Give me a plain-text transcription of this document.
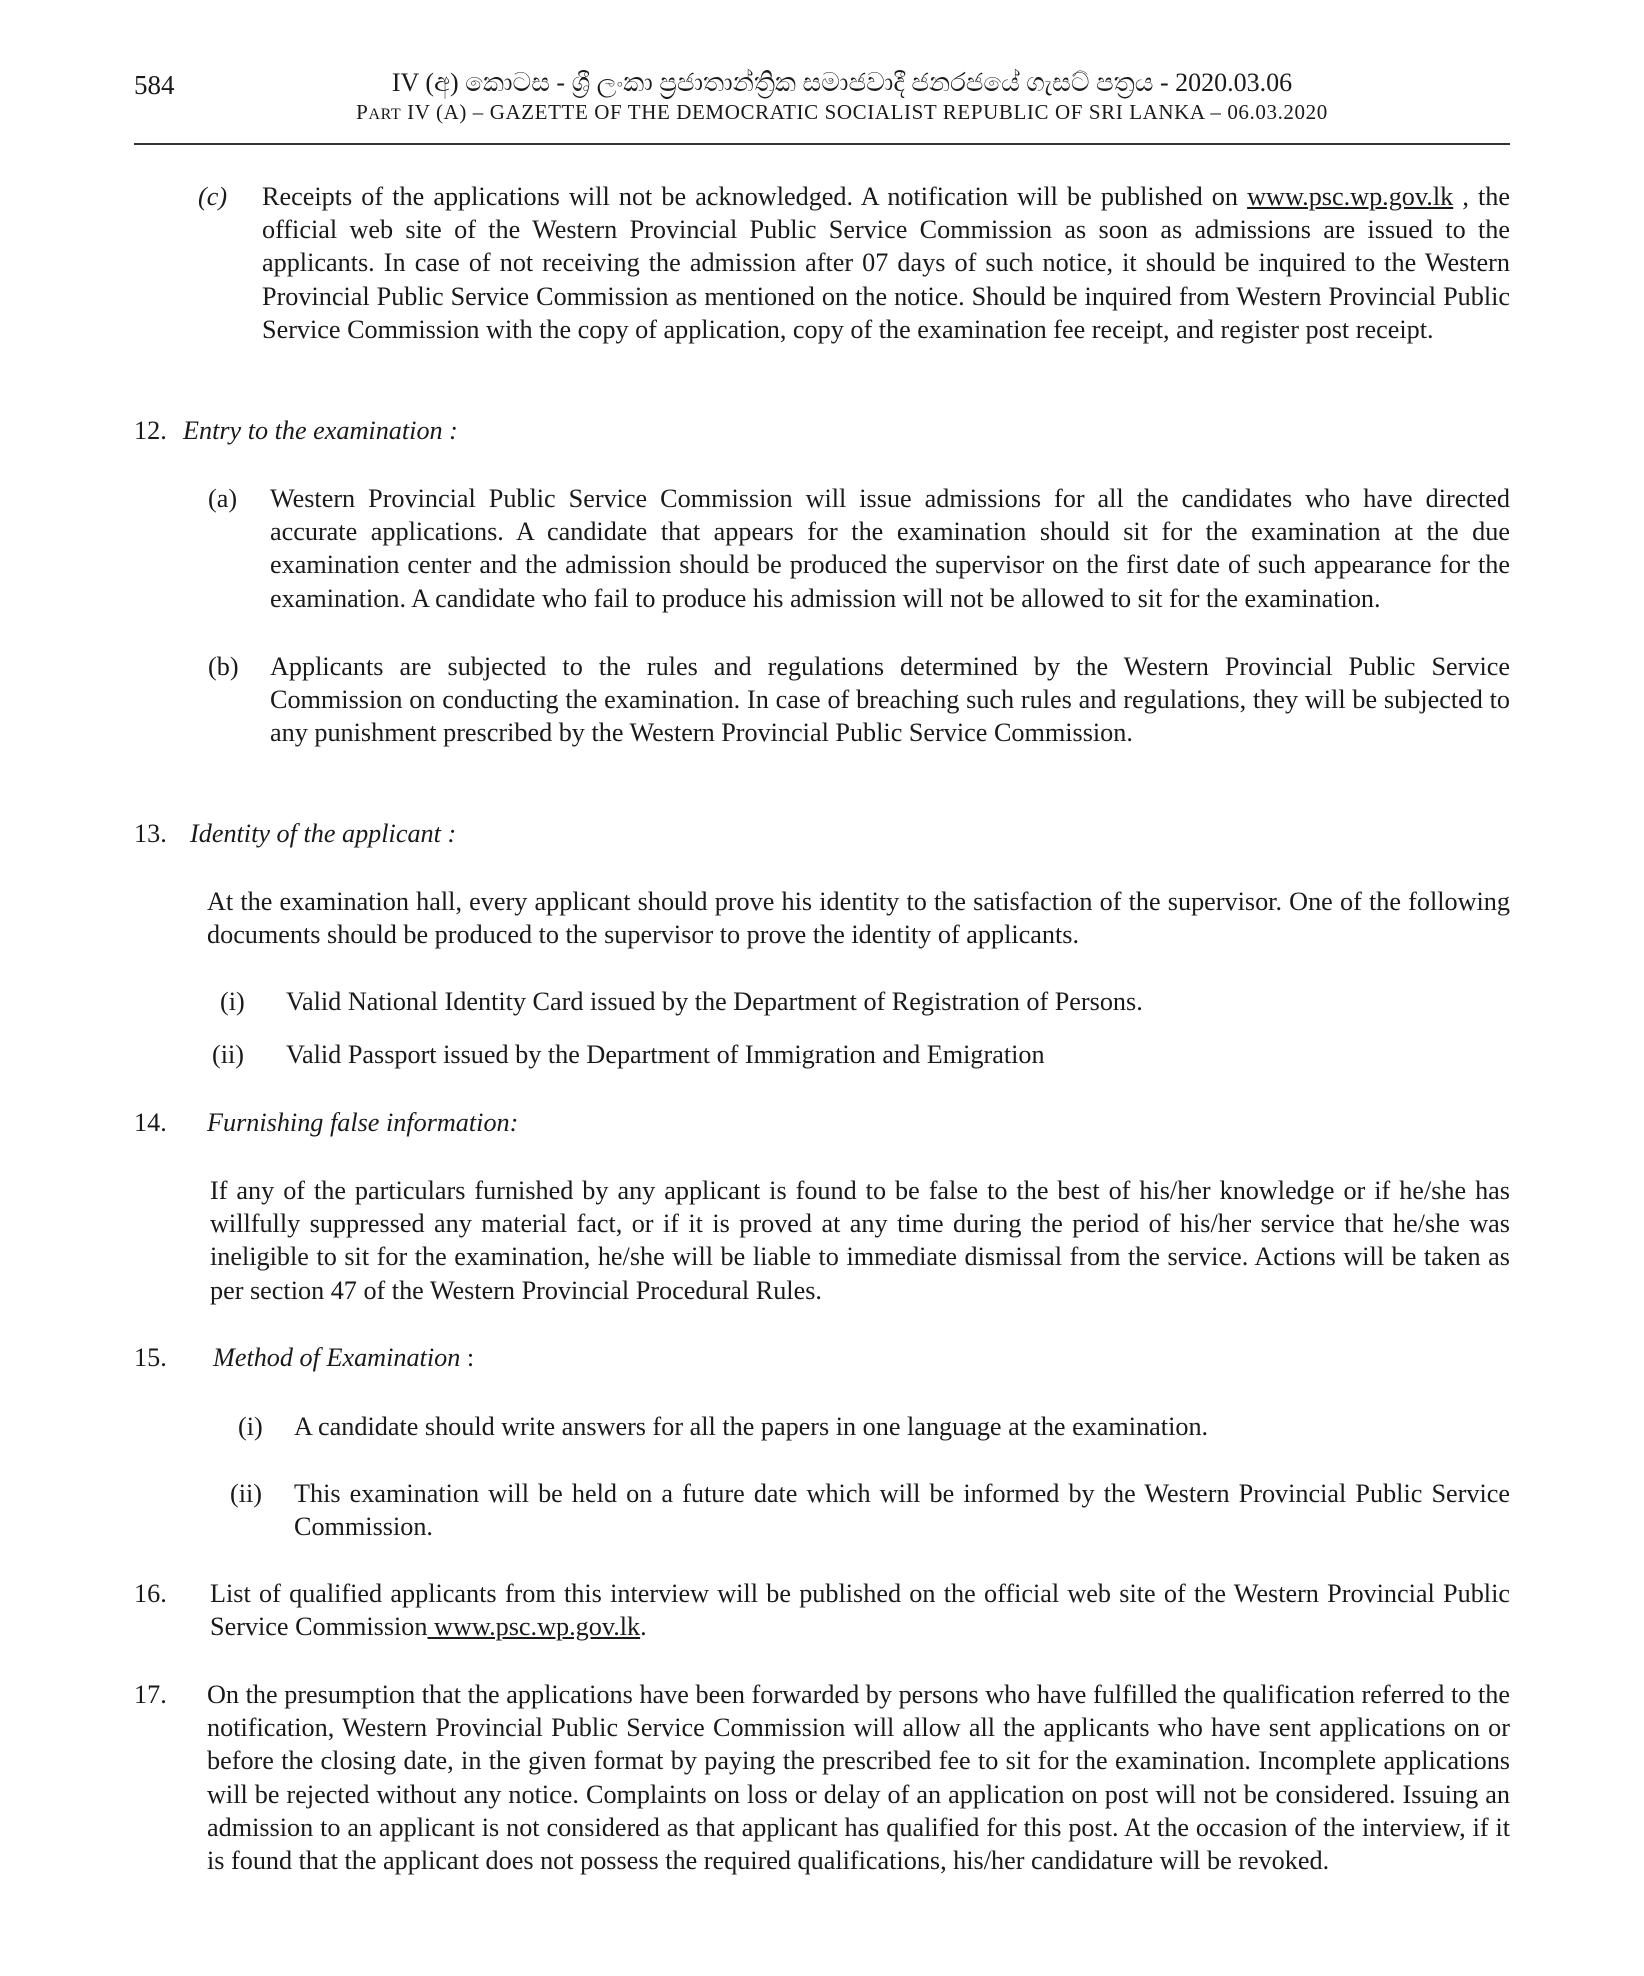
584	IV (අ) කොටස - ශ්‍රී ලංකා ප්‍රජාතාන්ත්‍රික සමාජවාදී ජනරජයේ ගැසට් පත්‍රය - 2020.03.06
PART IV (A) – GAZETTE OF THE DEMOCRATIC SOCIALIST REPUBLIC OF SRI LANKA – 06.03.2020
(c) Receipts of the applications will not be acknowledged. A notification will be published on www.psc.wp.gov.lk , the official web site of the Western Provincial Public Service Commission as soon as admissions are issued to the applicants. In case of not receiving the admission after 07 days of such notice, it should be inquired to the Western Provincial Public Service Commission as mentioned on the notice. Should be inquired from Western Provincial Public Service Commission with the copy of application, copy of the examination fee receipt, and register post receipt.
12. Entry to the examination :
(a) Western Provincial Public Service Commission will issue admissions for all the candidates who have directed accurate applications. A candidate that appears for the examination should sit for the examination at the due examination center and the admission should be produced the supervisor on the first date of such appearance for the examination. A candidate who fail to produce his admission will not be allowed to sit for the examination.
(b) Applicants are subjected to the rules and regulations determined by the Western Provincial Public Service Commission on conducting the examination. In case of breaching such rules and regulations, they will be subjected to any punishment prescribed by the Western Provincial Public Service Commission.
13. Identity of the applicant :
At the examination hall, every applicant should prove his identity to the satisfaction of the supervisor. One of the following documents should be produced to the supervisor to prove the identity of applicants.
(i) Valid National Identity Card issued by the Department of Registration of Persons.
(ii) Valid Passport issued by the Department of Immigration and Emigration
14. Furnishing false information:
If any of the particulars furnished by any applicant is found to be false to the best of his/her knowledge or if he/she has willfully suppressed any material fact, or if it is proved at any time during the period of his/her service that he/she was ineligible to sit for the examination, he/she will be liable to immediate dismissal from the service. Actions will be taken as per section 47 of the Western Provincial Procedural Rules.
15. Method of Examination :
(i) A candidate should write answers for all the papers in one language at the examination.
(ii) This examination will be held on a future date which will be informed by the Western Provincial Public Service Commission.
16. List of qualified applicants from this interview will be published on the official web site of the Western Provincial Public Service Commission www.psc.wp.gov.lk.
17. On the presumption that the applications have been forwarded by persons who have fulfilled the qualification referred to the notification, Western Provincial Public Service Commission will allow all the applicants who have sent applications on or before the closing date, in the given format by paying the prescribed fee to sit for the examination. Incomplete applications will be rejected without any notice. Complaints on loss or delay of an application on post will not be considered. Issuing an admission to an applicant is not considered as that applicant has qualified for this post. At the occasion of the interview, if it is found that the applicant does not possess the required qualifications, his/her candidature will be revoked.
